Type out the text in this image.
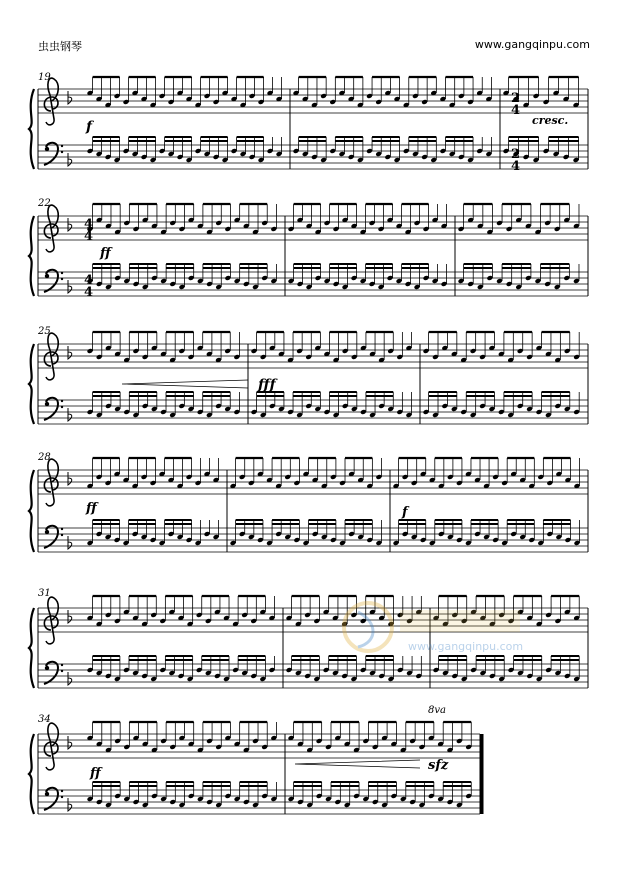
虫虫钢琴	www.gangqinpu.com
19
22
25
28
31
34
f	cresc.
ff
fff
ff	f
ff
sfz
8va
2
4
2
4
4
4
4
4
www.gangqinpu.com
